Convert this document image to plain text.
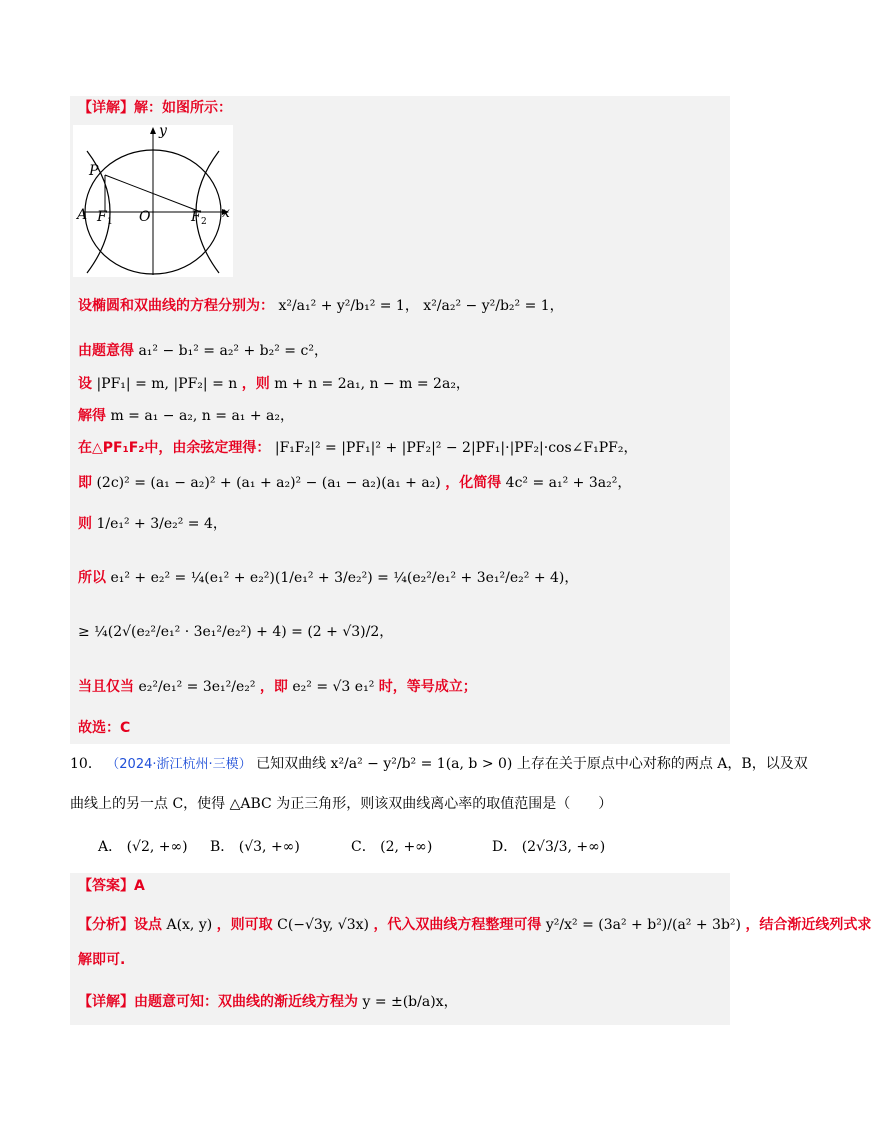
【详解】解：如图所示：
y
x
P
A F 1 O	F 2
设椭圆和双曲线的方程分别为： x²/a₁² + y²/b₁² = 1， x²/a₂² − y²/b₂² = 1，
由题意得 a₁² − b₁² = a₂² + b₂² = c²，
设 |PF₁| = m, |PF₂| = n ，则 m + n = 2a₁, n − m = 2a₂，
解得 m = a₁ − a₂, n = a₁ + a₂，
在△PF₁F₂中，由余弦定理得： |F₁F₂|² = |PF₁|² + |PF₂|² − 2|PF₁|·|PF₂|·cos∠F₁PF₂，
即 (2c)² = (a₁ − a₂)² + (a₁ + a₂)² − (a₁ − a₂)(a₁ + a₂) ，化简得 4c² = a₁² + 3a₂²，
则 1/e₁² + 3/e₂² = 4，
所以 e₁² + e₂² = ¼(e₁² + e₂²)(1/e₁² + 3/e₂²) = ¼(e₂²/e₁² + 3e₁²/e₂² + 4)，
≥ ¼(2√(e₂²/e₁² · 3e₁²/e₂²) + 4) = (2 + √3)/2，
当且仅当 e₂²/e₁² = 3e₁²/e₂² ，即 e₂² = √3 e₁² 时，等号成立；
故选：C
10． （2024·浙江杭州·三模） 已知双曲线 x²/a² − y²/b² = 1(a, b > 0) 上存在关于原点中心对称的两点 A，B，以及双
曲线上的另一点 C，使得 △ABC 为正三角形，则该双曲线离心率的取值范围是（　　）
A． (√2, +∞) B． (√3, +∞)	C． (2, +∞)	D． (2√3/3, +∞)
【答案】A
【分析】设点 A(x, y) ，则可取 C(−√3y, √3x) ，代入双曲线方程整理可得 y²/x² = (3a² + b²)/(a² + 3b²) ，结合渐近线列式求
解即可.
【详解】由题意可知：双曲线的渐近线方程为 y = ±(b/a)x，
